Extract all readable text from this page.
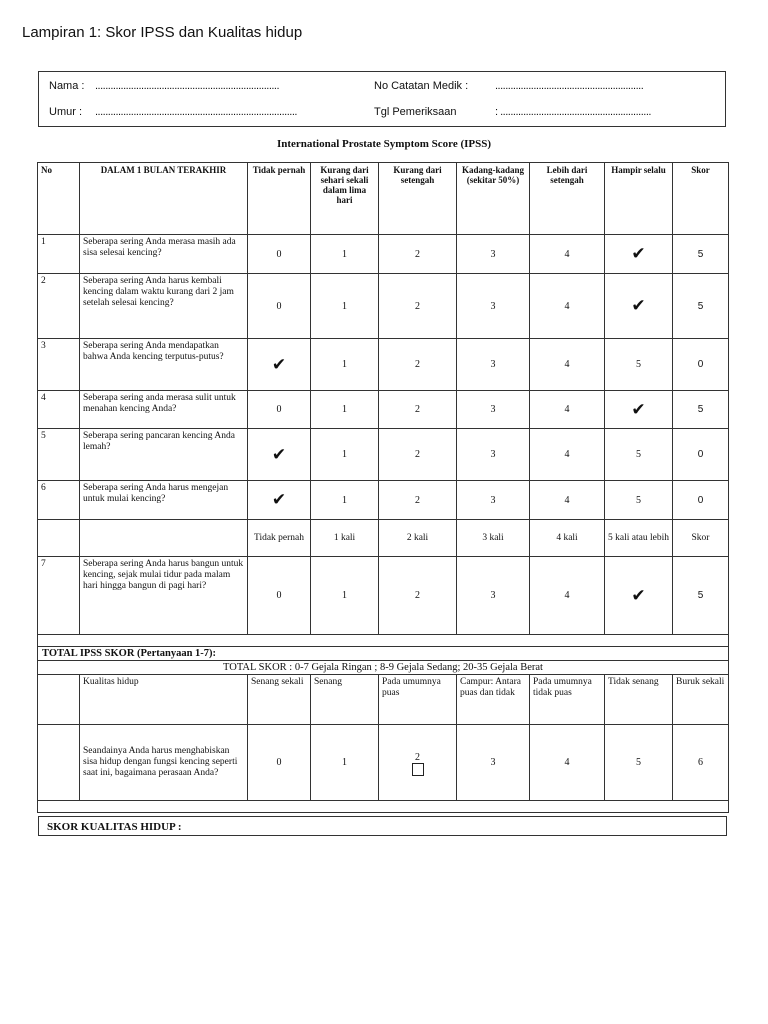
Lampiran 1: Skor IPSS dan Kualitas hidup
Nama : ........................................................................	No Catatan Medik : ..........................................................
Umur : ...............................................................................	Tgl Pemeriksaan	: ...........................................................
International Prostate Symptom Score (IPSS)
No	DALAM 1 BULAN TERAKHIR	Tidak pernah	Kurang dari sehari sekali dalam lima hari	Kurang dari setengah	Kadang-kadang (sekitar 50%)	Lebih dari setengah	Hampir selalu	Skor
1	Seberapa sering Anda merasa masih ada sisa selesai kencing?	0	1	2	3	4	✔	5
2	Seberapa sering Anda harus kembali kencing dalam waktu kurang dari 2 jam setelah selesai kencing?	0	1	2	3	4	✔	5
3	Seberapa sering Anda mendapatkan bahwa Anda kencing terputus-putus?	✔	1	2	3	4	5	0
4	Seberapa sering anda merasa sulit untuk menahan kencing Anda?	0	1	2	3	4	✔	5
5	Seberapa sering pancaran kencing Anda lemah?	✔	1	2	3	4	5	0
6	Seberapa sering Anda harus mengejan untuk mulai kencing?	✔	1	2	3	4	5	0
		Tidak pernah	1 kali	2 kali	3 kali	4 kali	5 kali atau lebih	Skor
7	Seberapa sering Anda harus bangun untuk kencing, sejak mulai tidur pada malam hari hingga bangun di pagi hari?	0	1	2	3	4	✔	5

TOTAL IPSS SKOR (Pertanyaan 1-7):								
TOTAL SKOR : 0-7 Gejala Ringan ; 8-9 Gejala Sedang; 20-35 Gejala Berat								
	Kualitas hidup	Senang sekali	Senang	Pada umumnya puas	Campur: Antara puas dan tidak	Pada umumnya tidak puas	Tidak senang	Buruk sekali
	Seandainya Anda harus menghabiskan sisa hidup dengan fungsi kencing seperti saat ini, bagaimana perasaan Anda?	0	1	2	3	4	5	6

SKOR KUALITAS HIDUP :
